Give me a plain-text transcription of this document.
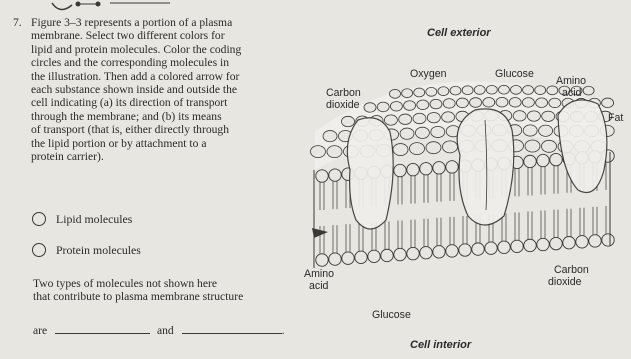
7. Figure 3–3 represents a portion of a plasma
membrane. Select two different colors for
lipid and protein molecules. Color the coding
circles and the corresponding molecules in
the illustration. Then add a colored arrow for
each substance shown inside and outside the
cell indicating (a) its direction of transport
through the membrane; and (b) its means
of transport (that is, either directly through
the lipid portion or by attachment to a
protein carrier).
Lipid molecules
Protein molecules
Two types of molecules not shown here
that contribute to plasma membrane structure
are	and	.
Cell exterior
Oxygen	Glucose
Amino
acid
Carbon
dioxide
Fat
Amino
acid
Carbon
dioxide
Glucose
Cell interior
